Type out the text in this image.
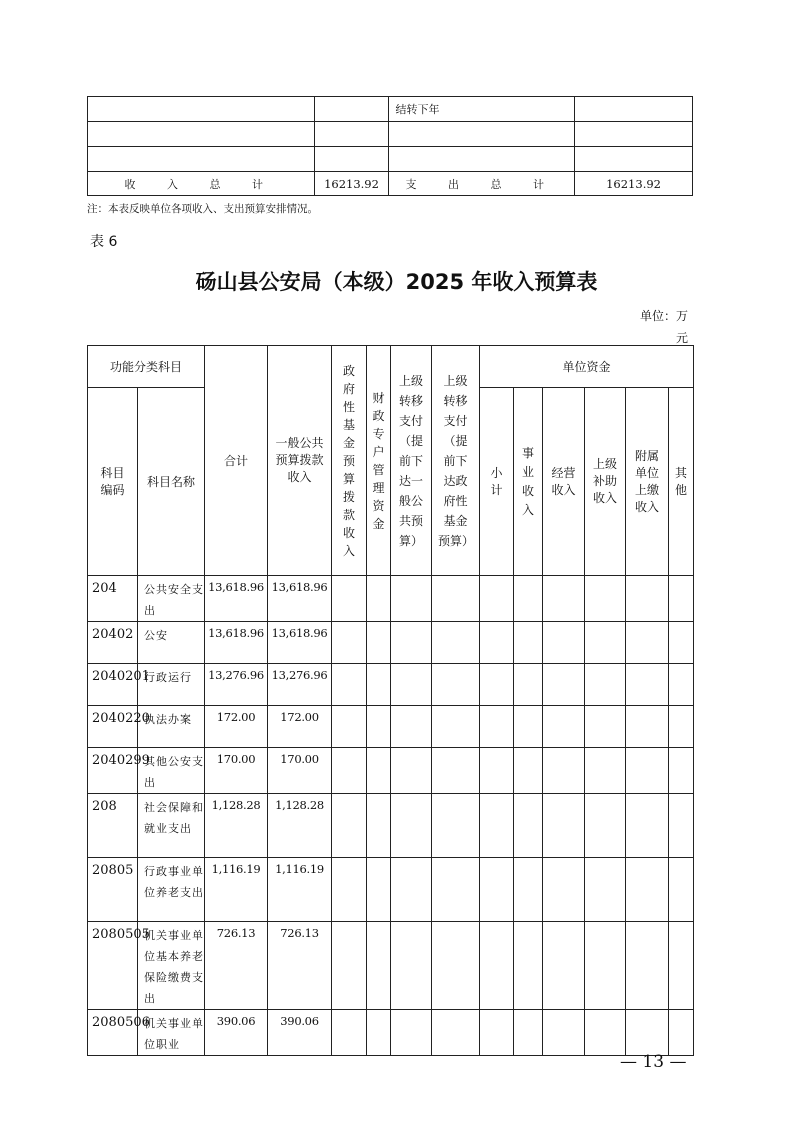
		结转下年	

收 入 总 计	16213.92	支 出 总 计	16213.92
注：本表反映单位各项收入、支出预算安排情况。
表 6
砀山县公安局（本级）2025 年收入预算表
单位：万元
功能分类科目		合计	一般公共预算拨款收入	政府性基金预算拨款收入	财政专户管理资金	上级转移支付（提前下达一般公共预算）	上级转移支付（提前下达政府性基金预算）	单位资金					
科目编码	科目名称							小计	事业收入	经营收入	上级补助收入	附属单位上缴收入	其他
204	公共安全支出	13,618.96	13,618.96										
20402	公安	13,618.96	13,618.96										
2040201	行政运行	13,276.96	13,276.96										
2040220	执法办案	172.00	172.00										
2040299	其他公安支出	170.00	170.00										
208	社会保障和就业支出	1,128.28	1,128.28										
20805	行政事业单位养老支出	1,116.19	1,116.19										
2080505	机关事业单位基本养老保险缴费支出	726.13	726.13										
2080506	机关事业单位职业	390.06	390.06										
— 13 —
